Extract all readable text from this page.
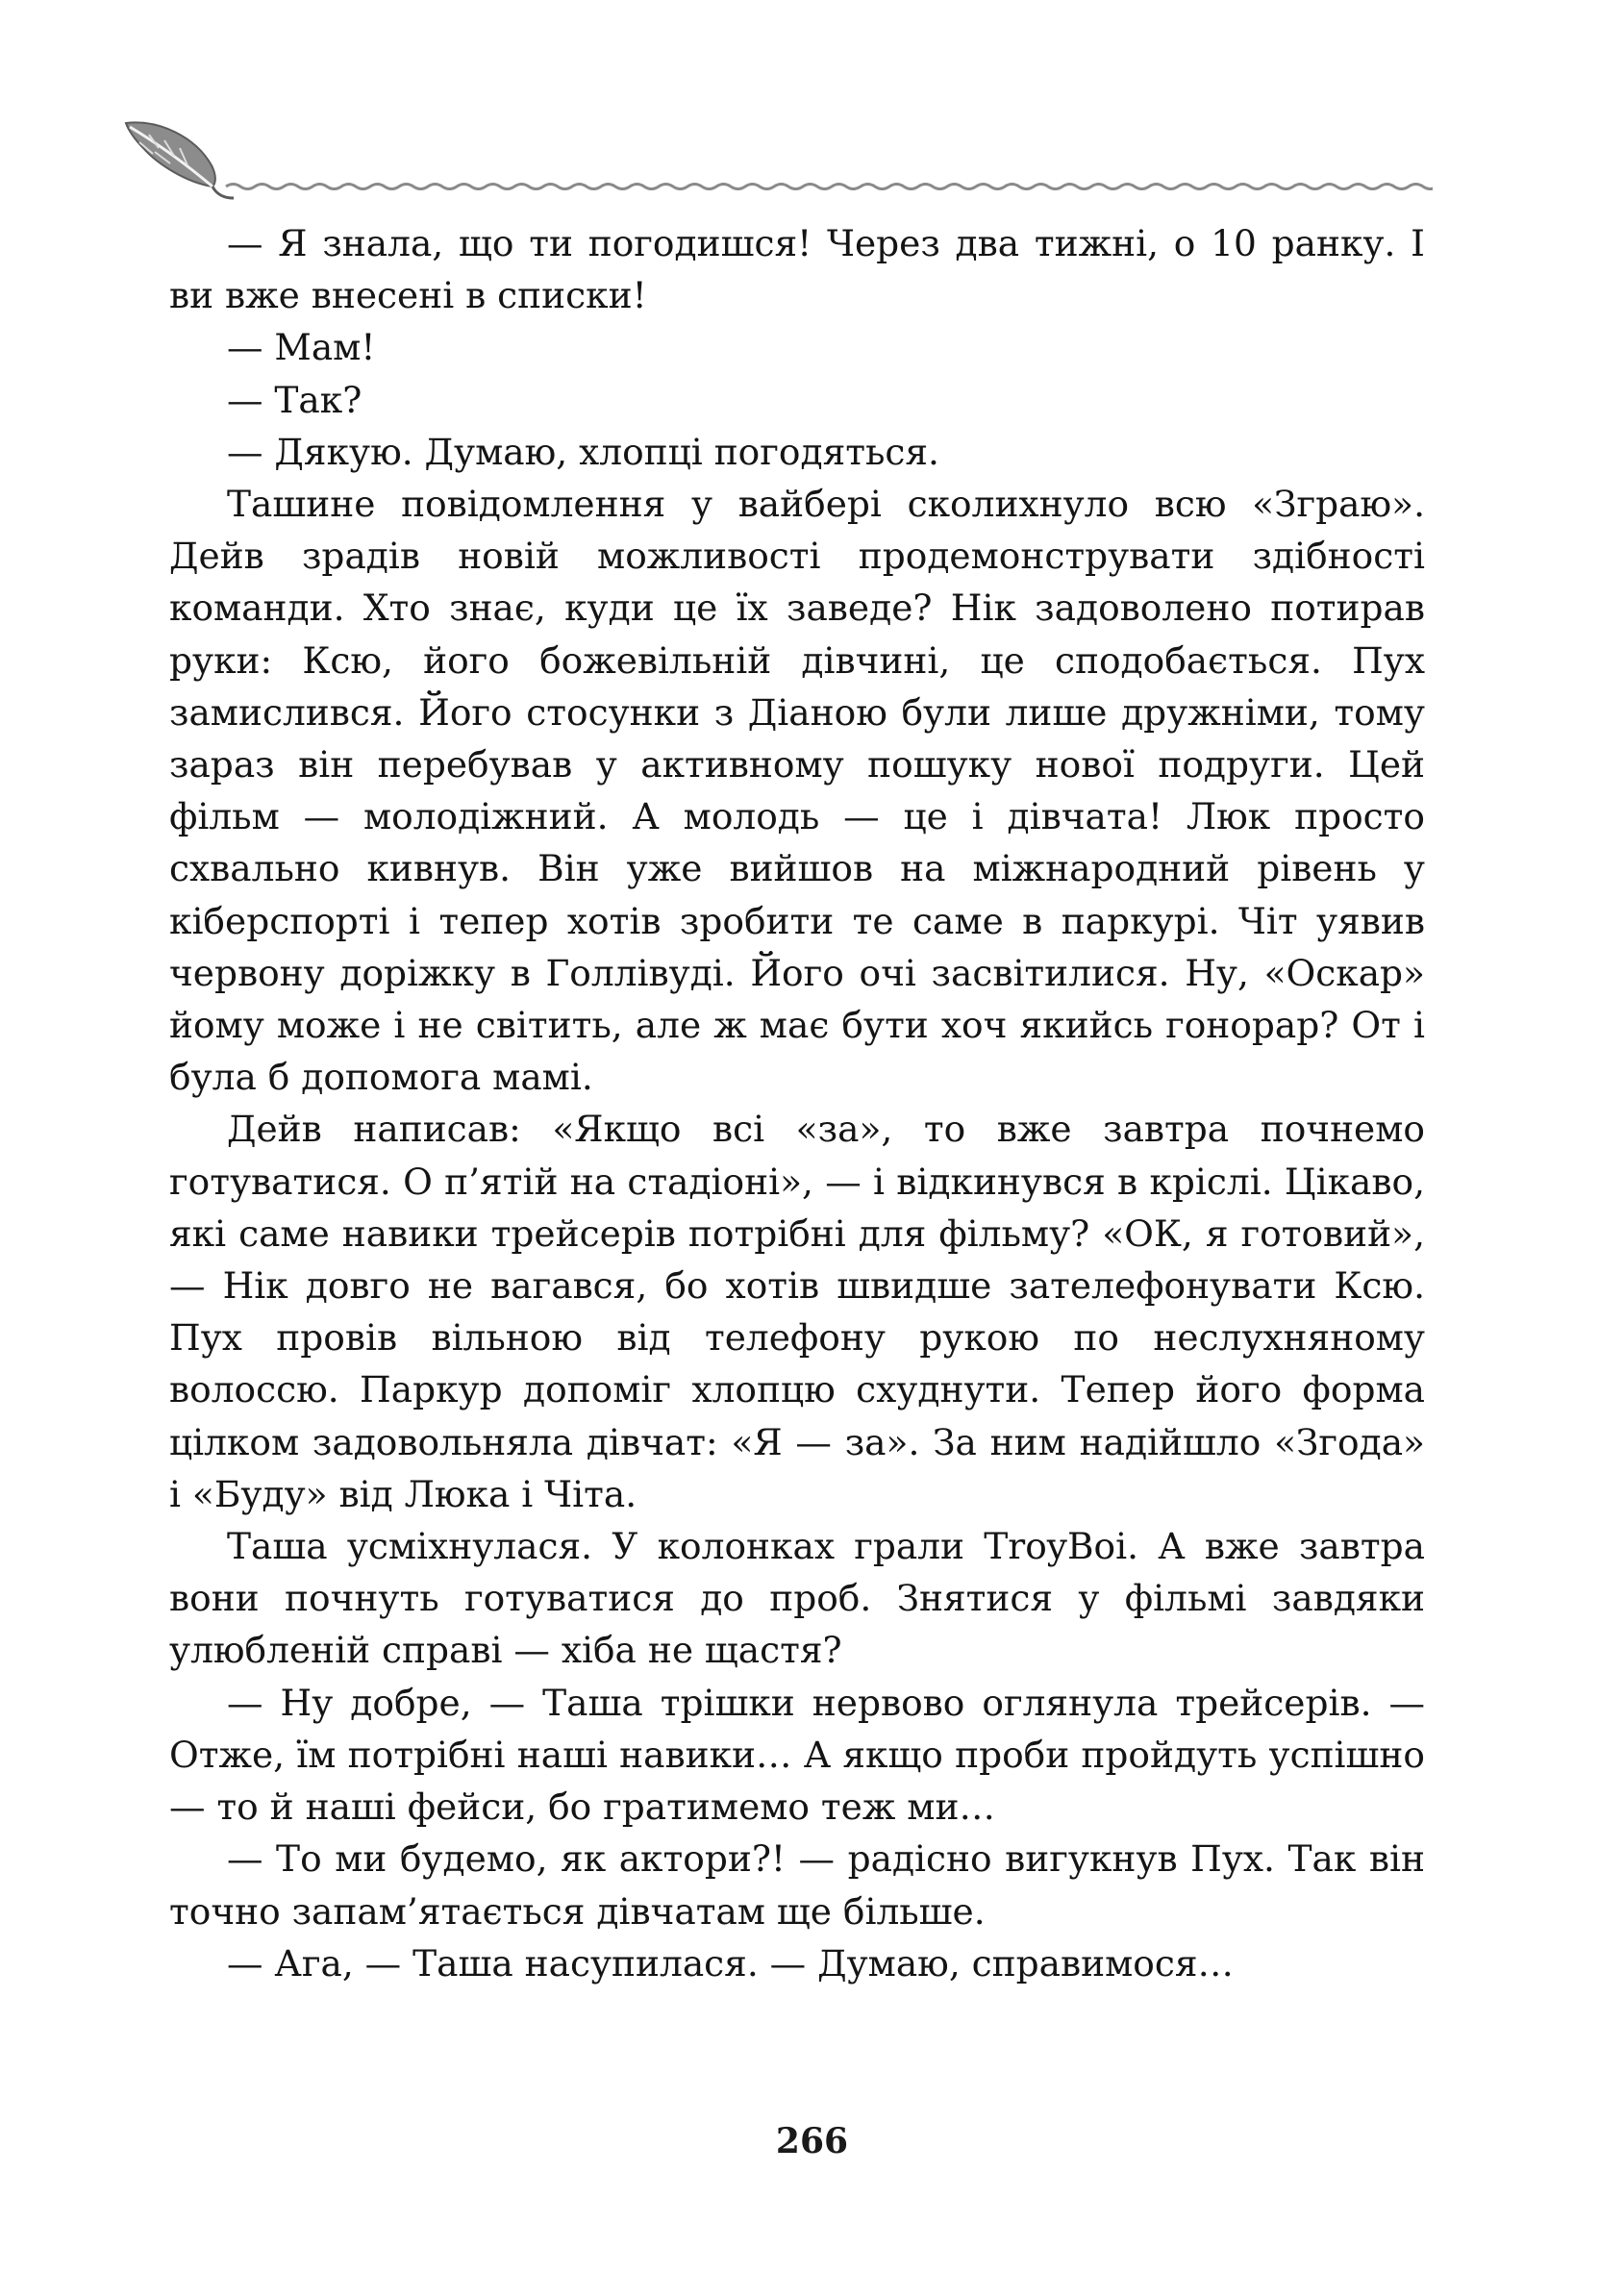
— Я знала, що ти погодишся! Через два тижні, о 10 ранку. І ви вже внесені в списки!

— Мам!

— Так?

— Дякую. Думаю, хлопці погодяться.

Ташине повідомлення у вайбері сколихнуло всю «Зграю». Дейв зрадів новій можливості продемонструвати здібності команди. Хто знає, куди це їх заведе? Нік задоволено потирав руки: Ксю, його божевільній дівчині, це сподобається. Пух замислився. Його стосунки з Діаною були лише дружніми, тому зараз він перебував у активному пошуку нової подруги. Цей фільм — молодіжний. А молодь — це і дівчата! Люк просто схвально кивнув. Він уже вийшов на міжнародний рівень у кіберспорті і тепер хотів зробити те саме в паркурі. Чіт уявив червону доріжку в Голлівуді. Його очі засвітилися. Ну, «Оскар» йому може і не світить, але ж має бути хоч якийсь гонорар? От і була б допомога мамі.

Дейв написав: «Якщо всі «за», то вже завтра почнемо готуватися. О п’ятій на стадіоні», — і відкинувся в кріслі. Цікаво, які саме навики трейсерів потрібні для фільму? «ОК, я готовий», — Нік довго не вагався, бо хотів швидше зателефонувати Ксю. Пух провів вільною від телефону рукою по неслухняному волоссю. Паркур допоміг хлопцю схуднути. Тепер його форма цілком задовольняла дівчат: «Я — за». За ним надійшло «Згода» і «Буду» від Люка і Чіта.

Таша усміхнулася. У колонках грали TroyBoi. А вже завтра вони почнуть готуватися до проб. Знятися у фільмі завдяки улюбленій справі — хіба не щастя?

— Ну добре, — Таша трішки нервово оглянула трейсерів. — Отже, їм потрібні наші навики… А якщо проби пройдуть успішно — то й наші фейси, бо гратимемо теж ми…

— То ми будемо, як актори?! — радісно вигукнув Пух. Так він точно запам’ятається дівчатам ще більше.

— Ага, — Таша насупилася. — Думаю, справимося…

266
